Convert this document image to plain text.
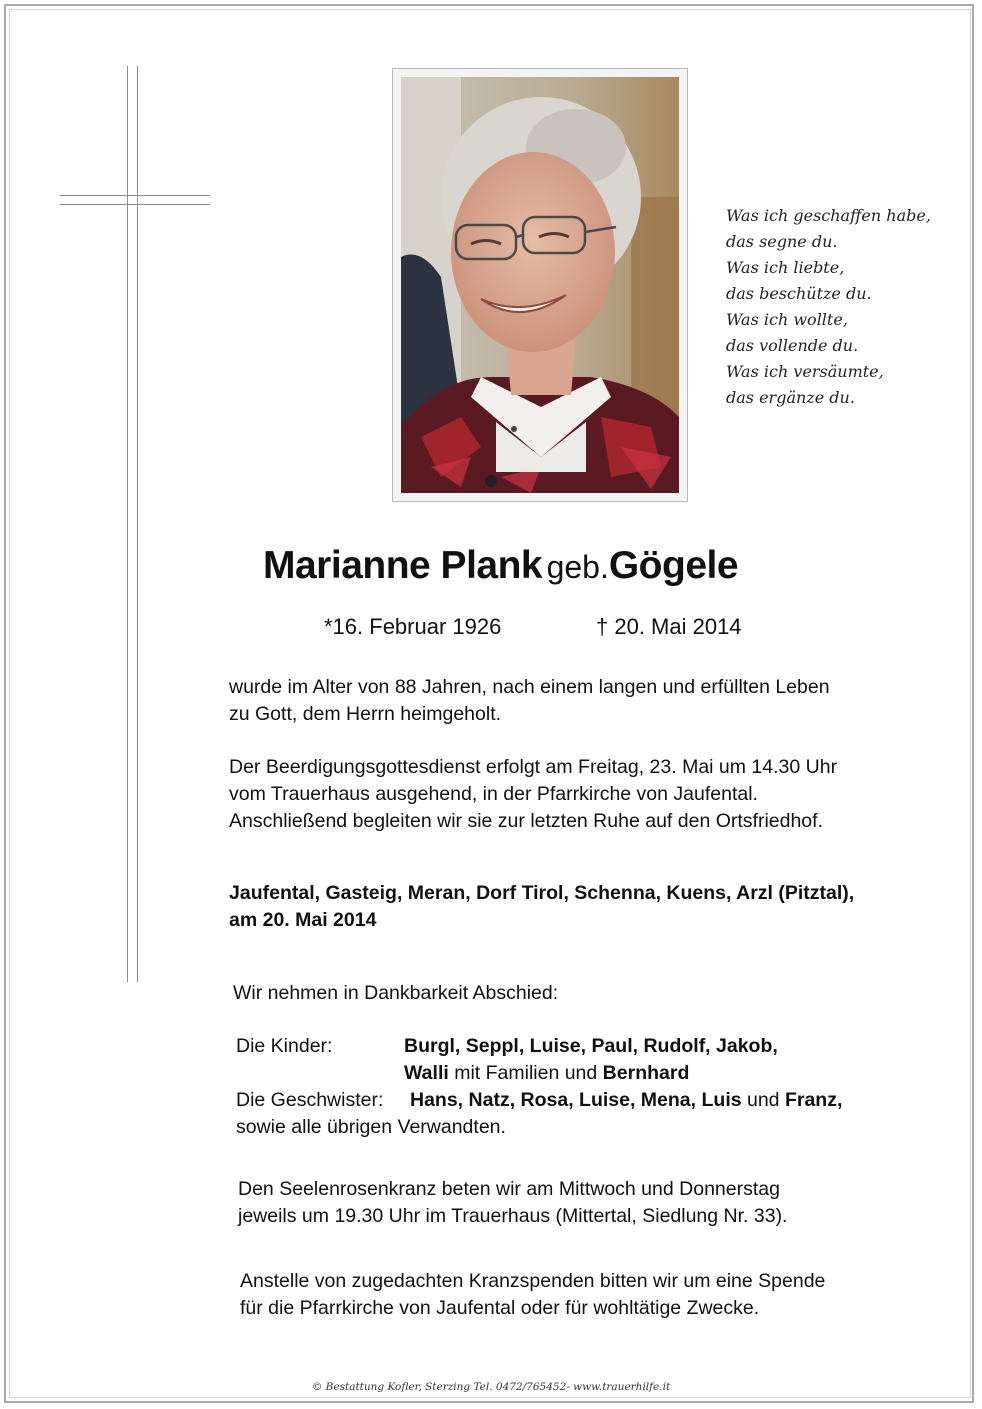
Was ich geschaffen habe,
das segne du.
Was ich liebte,
das beschütze du.
Was ich wollte,
das vollende du.
Was ich versäumte,
das ergänze du.
Marianne Plank geb.Gögele
*16. Februar 1926	† 20. Mai 2014
wurde im Alter von 88 Jahren, nach einem langen und erfüllten Leben
zu Gott, dem Herrn heimgeholt.
Der Beerdigungsgottesdienst erfolgt am Freitag, 23. Mai um 14.30 Uhr
vom Trauerhaus ausgehend, in der Pfarrkirche von Jaufental.
Anschließend begleiten wir sie zur letzten Ruhe auf den Ortsfriedhof.
Jaufental, Gasteig, Meran, Dorf Tirol, Schenna, Kuens, Arzl (Pitztal),
am 20. Mai 2014
Wir nehmen in Dankbarkeit Abschied:
Die Kinder:	Burgl, Seppl, Luise, Paul, Rudolf, Jakob,
Walli mit Familien und Bernhard
Die Geschwister: Hans, Natz, Rosa, Luise, Mena, Luis und Franz,
sowie alle übrigen Verwandten.
Den Seelenrosenkranz beten wir am Mittwoch und Donnerstag
jeweils um 19.30 Uhr im Trauerhaus (Mittertal, Siedlung Nr. 33).
Anstelle von zugedachten Kranzspenden bitten wir um eine Spende
für die Pfarrkirche von Jaufental oder für wohltätige Zwecke.
© Bestattung Kofler, Sterzing Tel. 0472/765452- www.trauerhilfe.it
